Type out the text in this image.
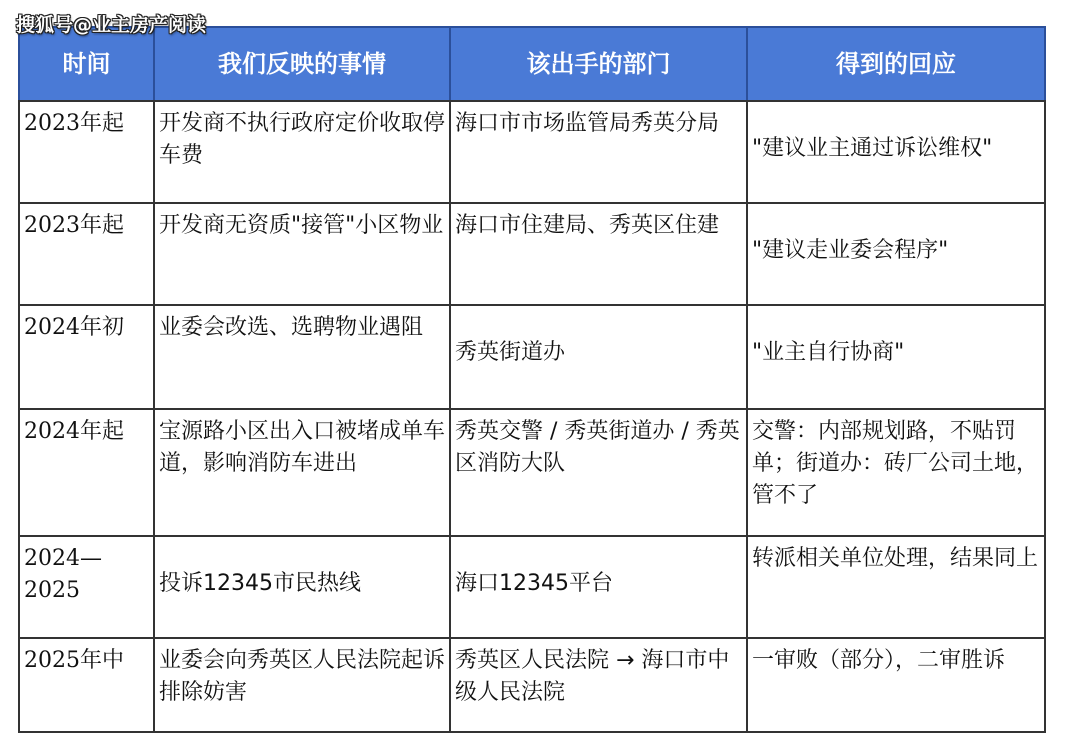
搜狐号@业主房产阅读
时间	我们反映的事情	该出手的部门	得到的回应
2023年起	开发商不执行政府定价收取停车费	海口市市场监管局秀英分局	"建议业主通过诉讼维权"
2023年起	开发商无资质"接管"小区物业	海口市住建局、秀英区住建	"建议走业委会程序"
2024年初	业委会改选、选聘物业遇阻	秀英街道办	"业主自行协商"
2024年起	宝源路小区出入口被堵成单车道，影响消防车进出	秀英交警 / 秀英街道办 / 秀英区消防大队	交警：内部规划路，不贴罚单；街道办：砖厂公司土地，管不了
2024—2025	投诉12345市民热线	海口12345平台	转派相关单位处理，结果同上
2025年中	业委会向秀英区人民法院起诉排除妨害	秀英区人民法院 → 海口市中级人民法院	一审败（部分），二审胜诉
